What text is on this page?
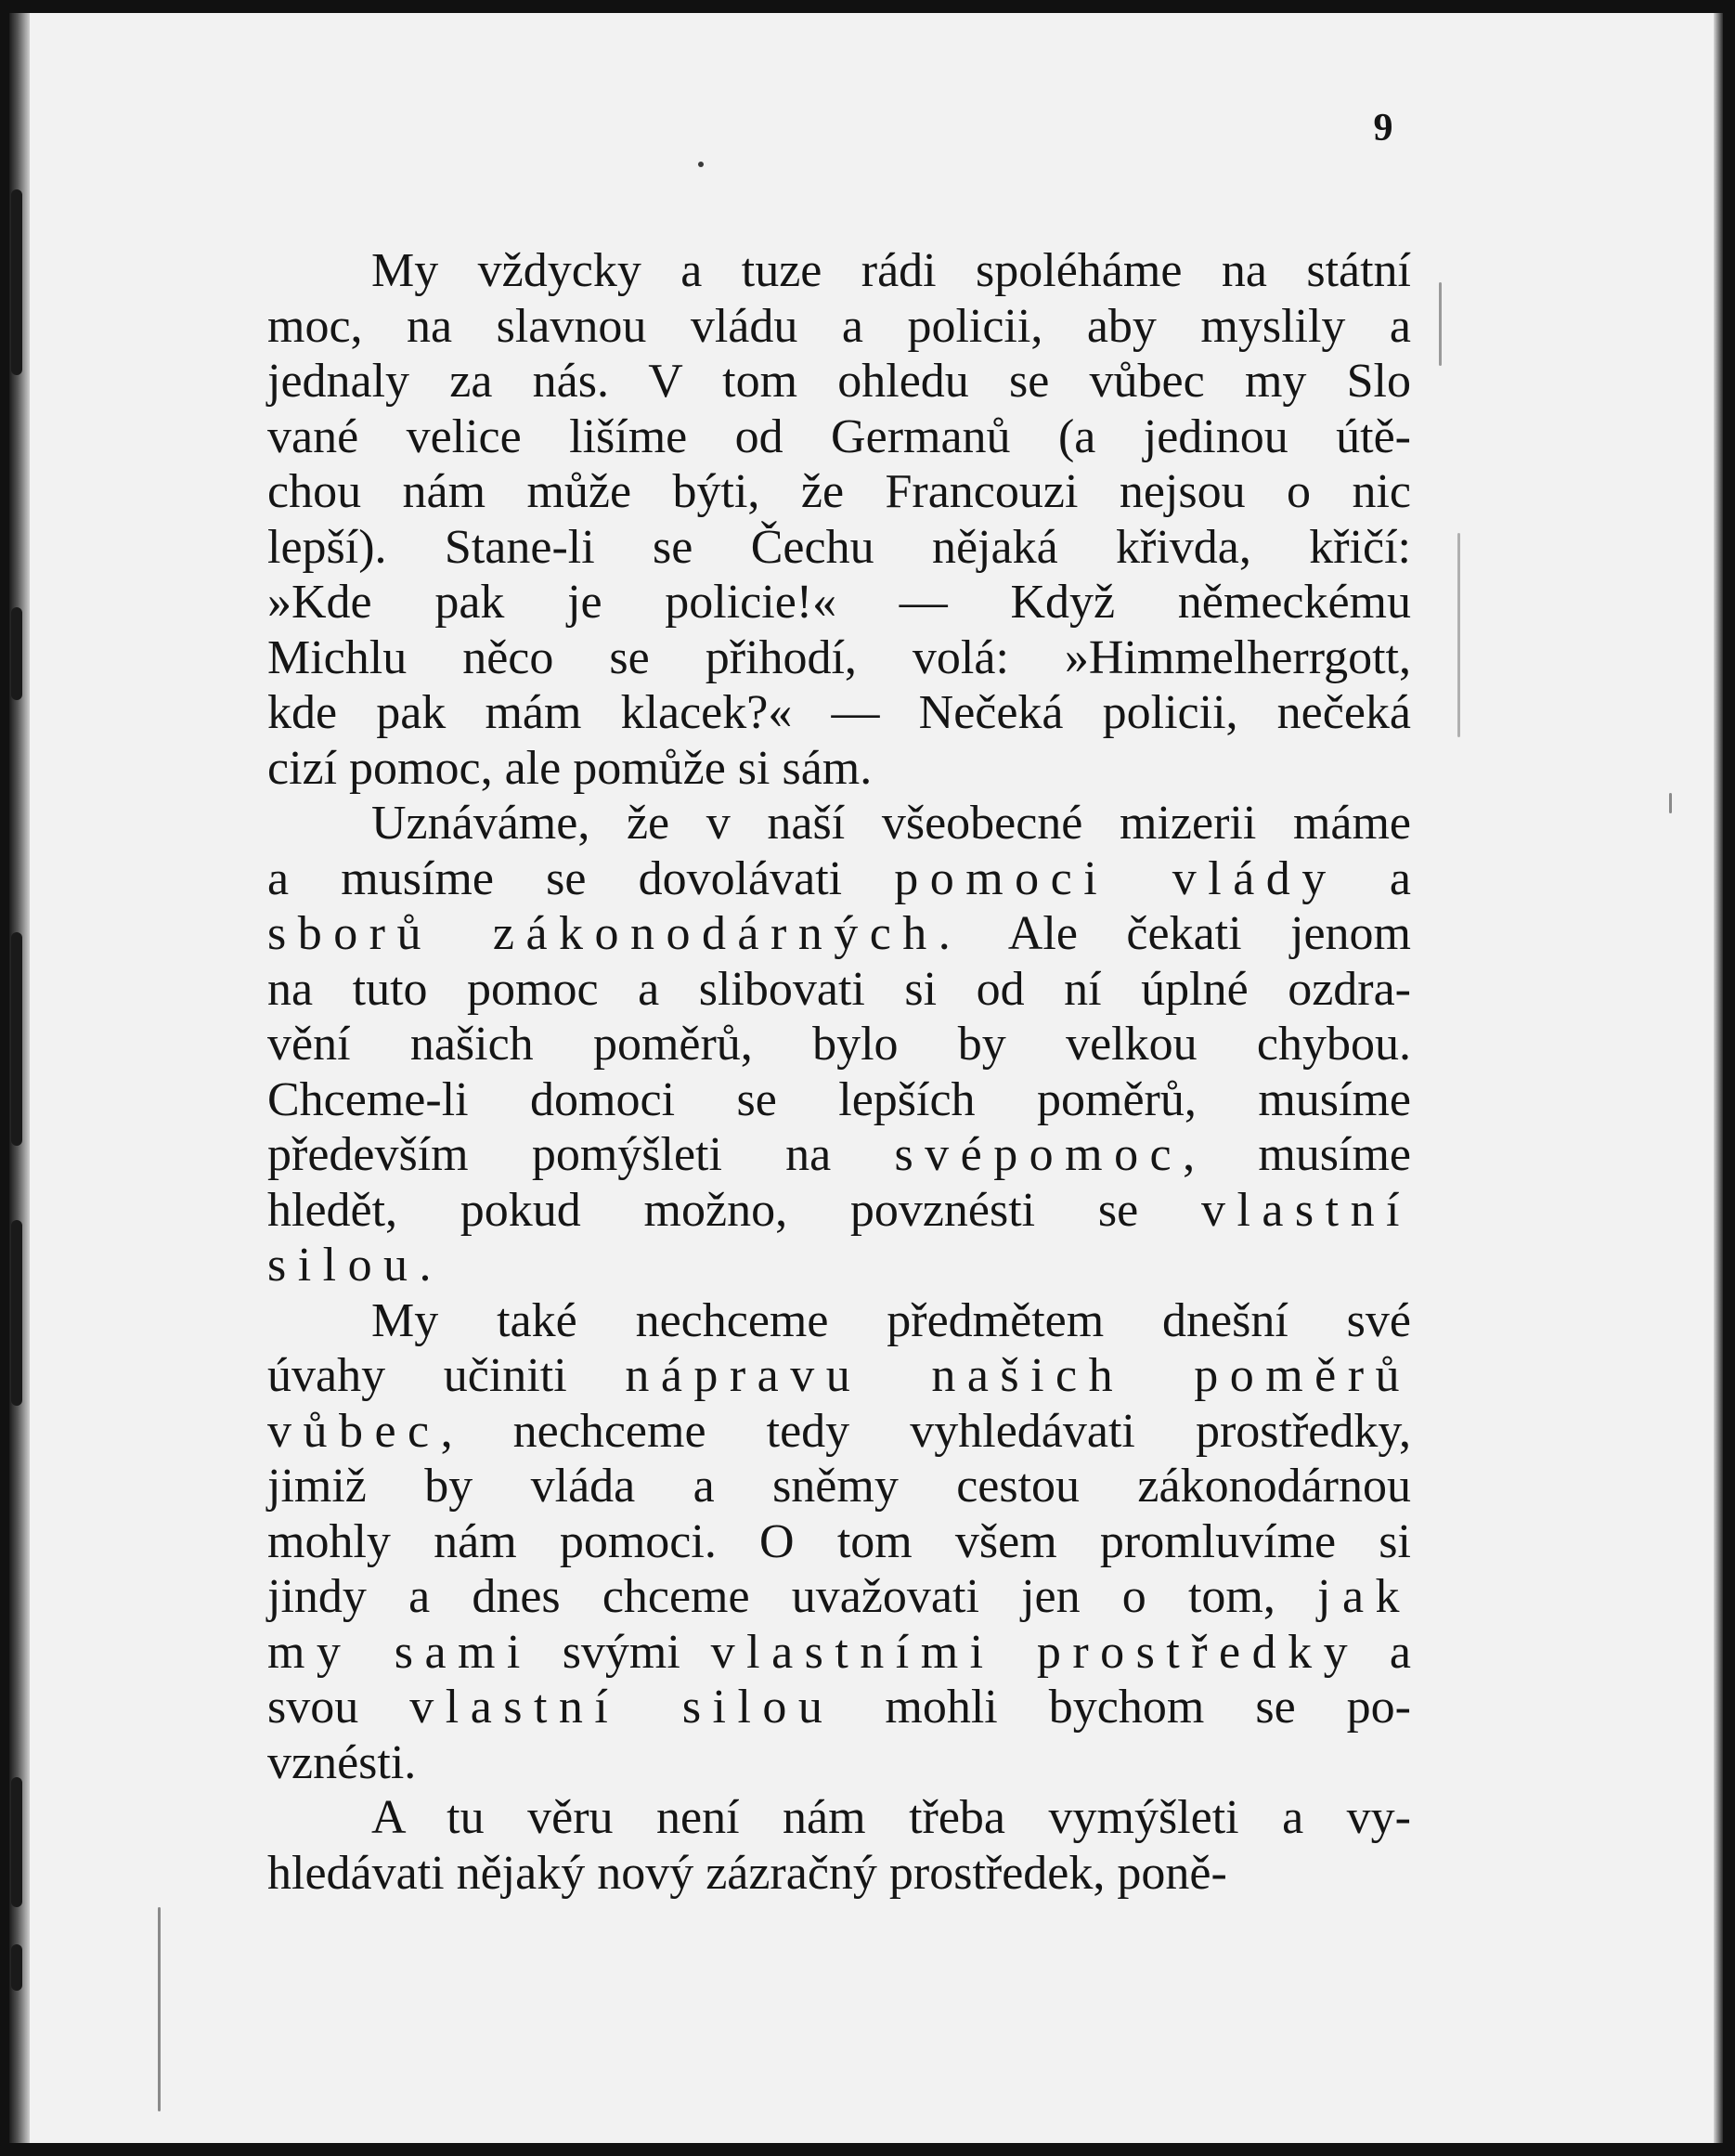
9
My vždycky a tuze rádi spoléháme na státní
moc, na slavnou vládu a policii, aby myslily a
jednaly za nás. V tom ohledu se vůbec my Slo
vané velice lišíme od Germanů (a jedinou útě-
chou nám může býti, že Francouzi nejsou o nic
lepší). Stane-li se Čechu nějaká křivda, křičí:
»Kde pak je policie!« — Když německému
Michlu něco se přihodí, volá: »Himmelherrgott,
kde pak mám klacek?« — Nečeká policii, nečeká
cizí pomoc, ale pomůže si sám.
Uznáváme, že v naší všeobecné mizerii máme
a musíme se dovolávati pomoci vlády a
sborů zákonodárných. Ale čekati jenom
na tuto pomoc a slibovati si od ní úplné ozdra-
vění našich poměrů, bylo by velkou chybou.
Chceme-li domoci se lepších poměrů, musíme
především pomýšleti na svépomoc, musíme
hledět, pokud možno, povznésti se vlastní
silou.
My také nechceme předmětem dnešní své
úvahy učiniti nápravu našich poměrů
vůbec, nechceme tedy vyhledávati prostředky,
jimiž by vláda a sněmy cestou zákonodárnou
mohly nám pomoci. O tom všem promluvíme si
jindy a dnes chceme uvažovati jen o tom, jak
my sami svými vlastními prostředky a
svou vlastní silou mohli bychom se po-
vznésti.
A tu věru není nám třeba vymýšleti a vy-
hledávati nějaký nový zázračný prostředek, poně-
